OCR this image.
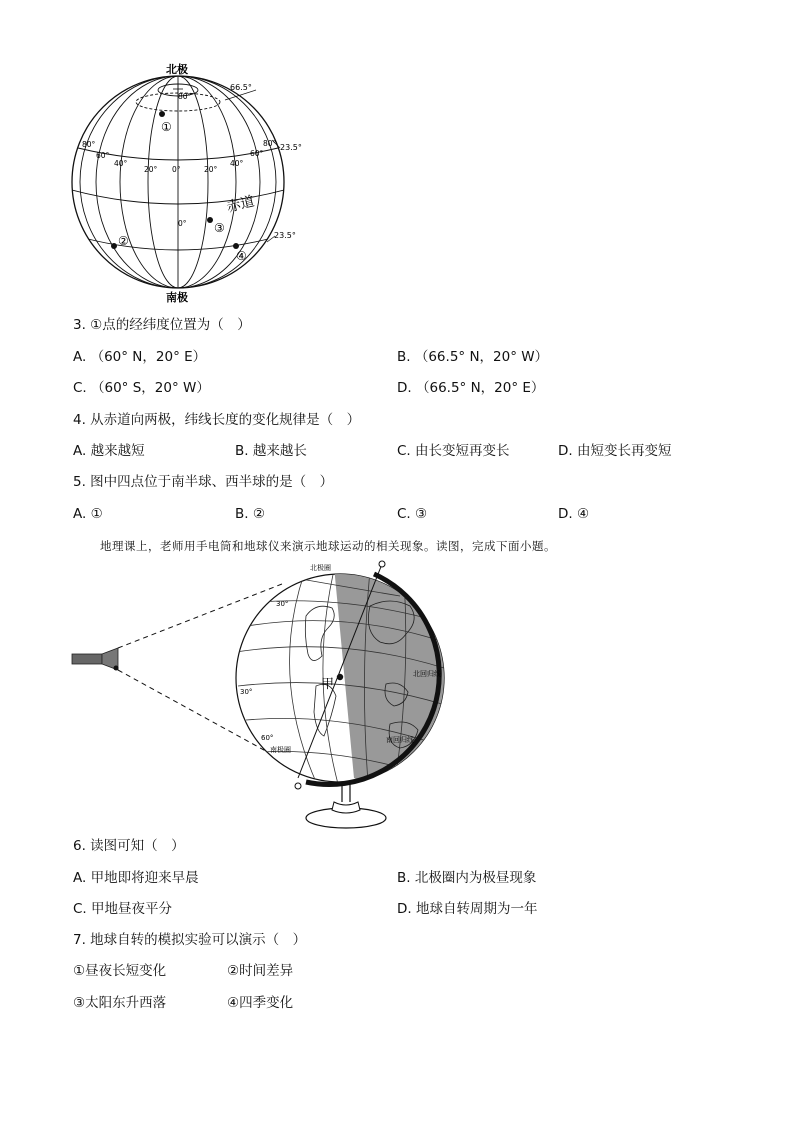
北极
南极
66.5°
80°
80°	80°
60°	60°
23.5°
23.5°
40°
20° 0°	20°
40°
0°
赤道
①
②
③
④
3. ①点的经纬度位置为（　）
A. （60° N，20° E）	B. （66.5° N，20° W）
C. （60° S，20° W）	D. （66.5° N，20° E）
4. 从赤道向两极，纬线长度的变化规律是（　）
A. 越来越短	B. 越来越长	C. 由长变短再变长	D. 由短变长再变短
5. 图中四点位于南半球、西半球的是（　）
A. ①	B. ②	C. ③	D. ④
地理课上，老师用手电筒和地球仪来演示地球运动的相关现象。读图，完成下面小题。
北极圈
30°
北回归线
30°
60°
南极圈
南回归线
甲
6. 读图可知（　）
A. 甲地即将迎来早晨	B. 北极圈内为极昼现象
C. 甲地昼夜平分	D. 地球自转周期为一年
7. 地球自转的模拟实验可以演示（　）
①昼夜长短变化	②时间差异
③太阳东升西落	④四季变化
